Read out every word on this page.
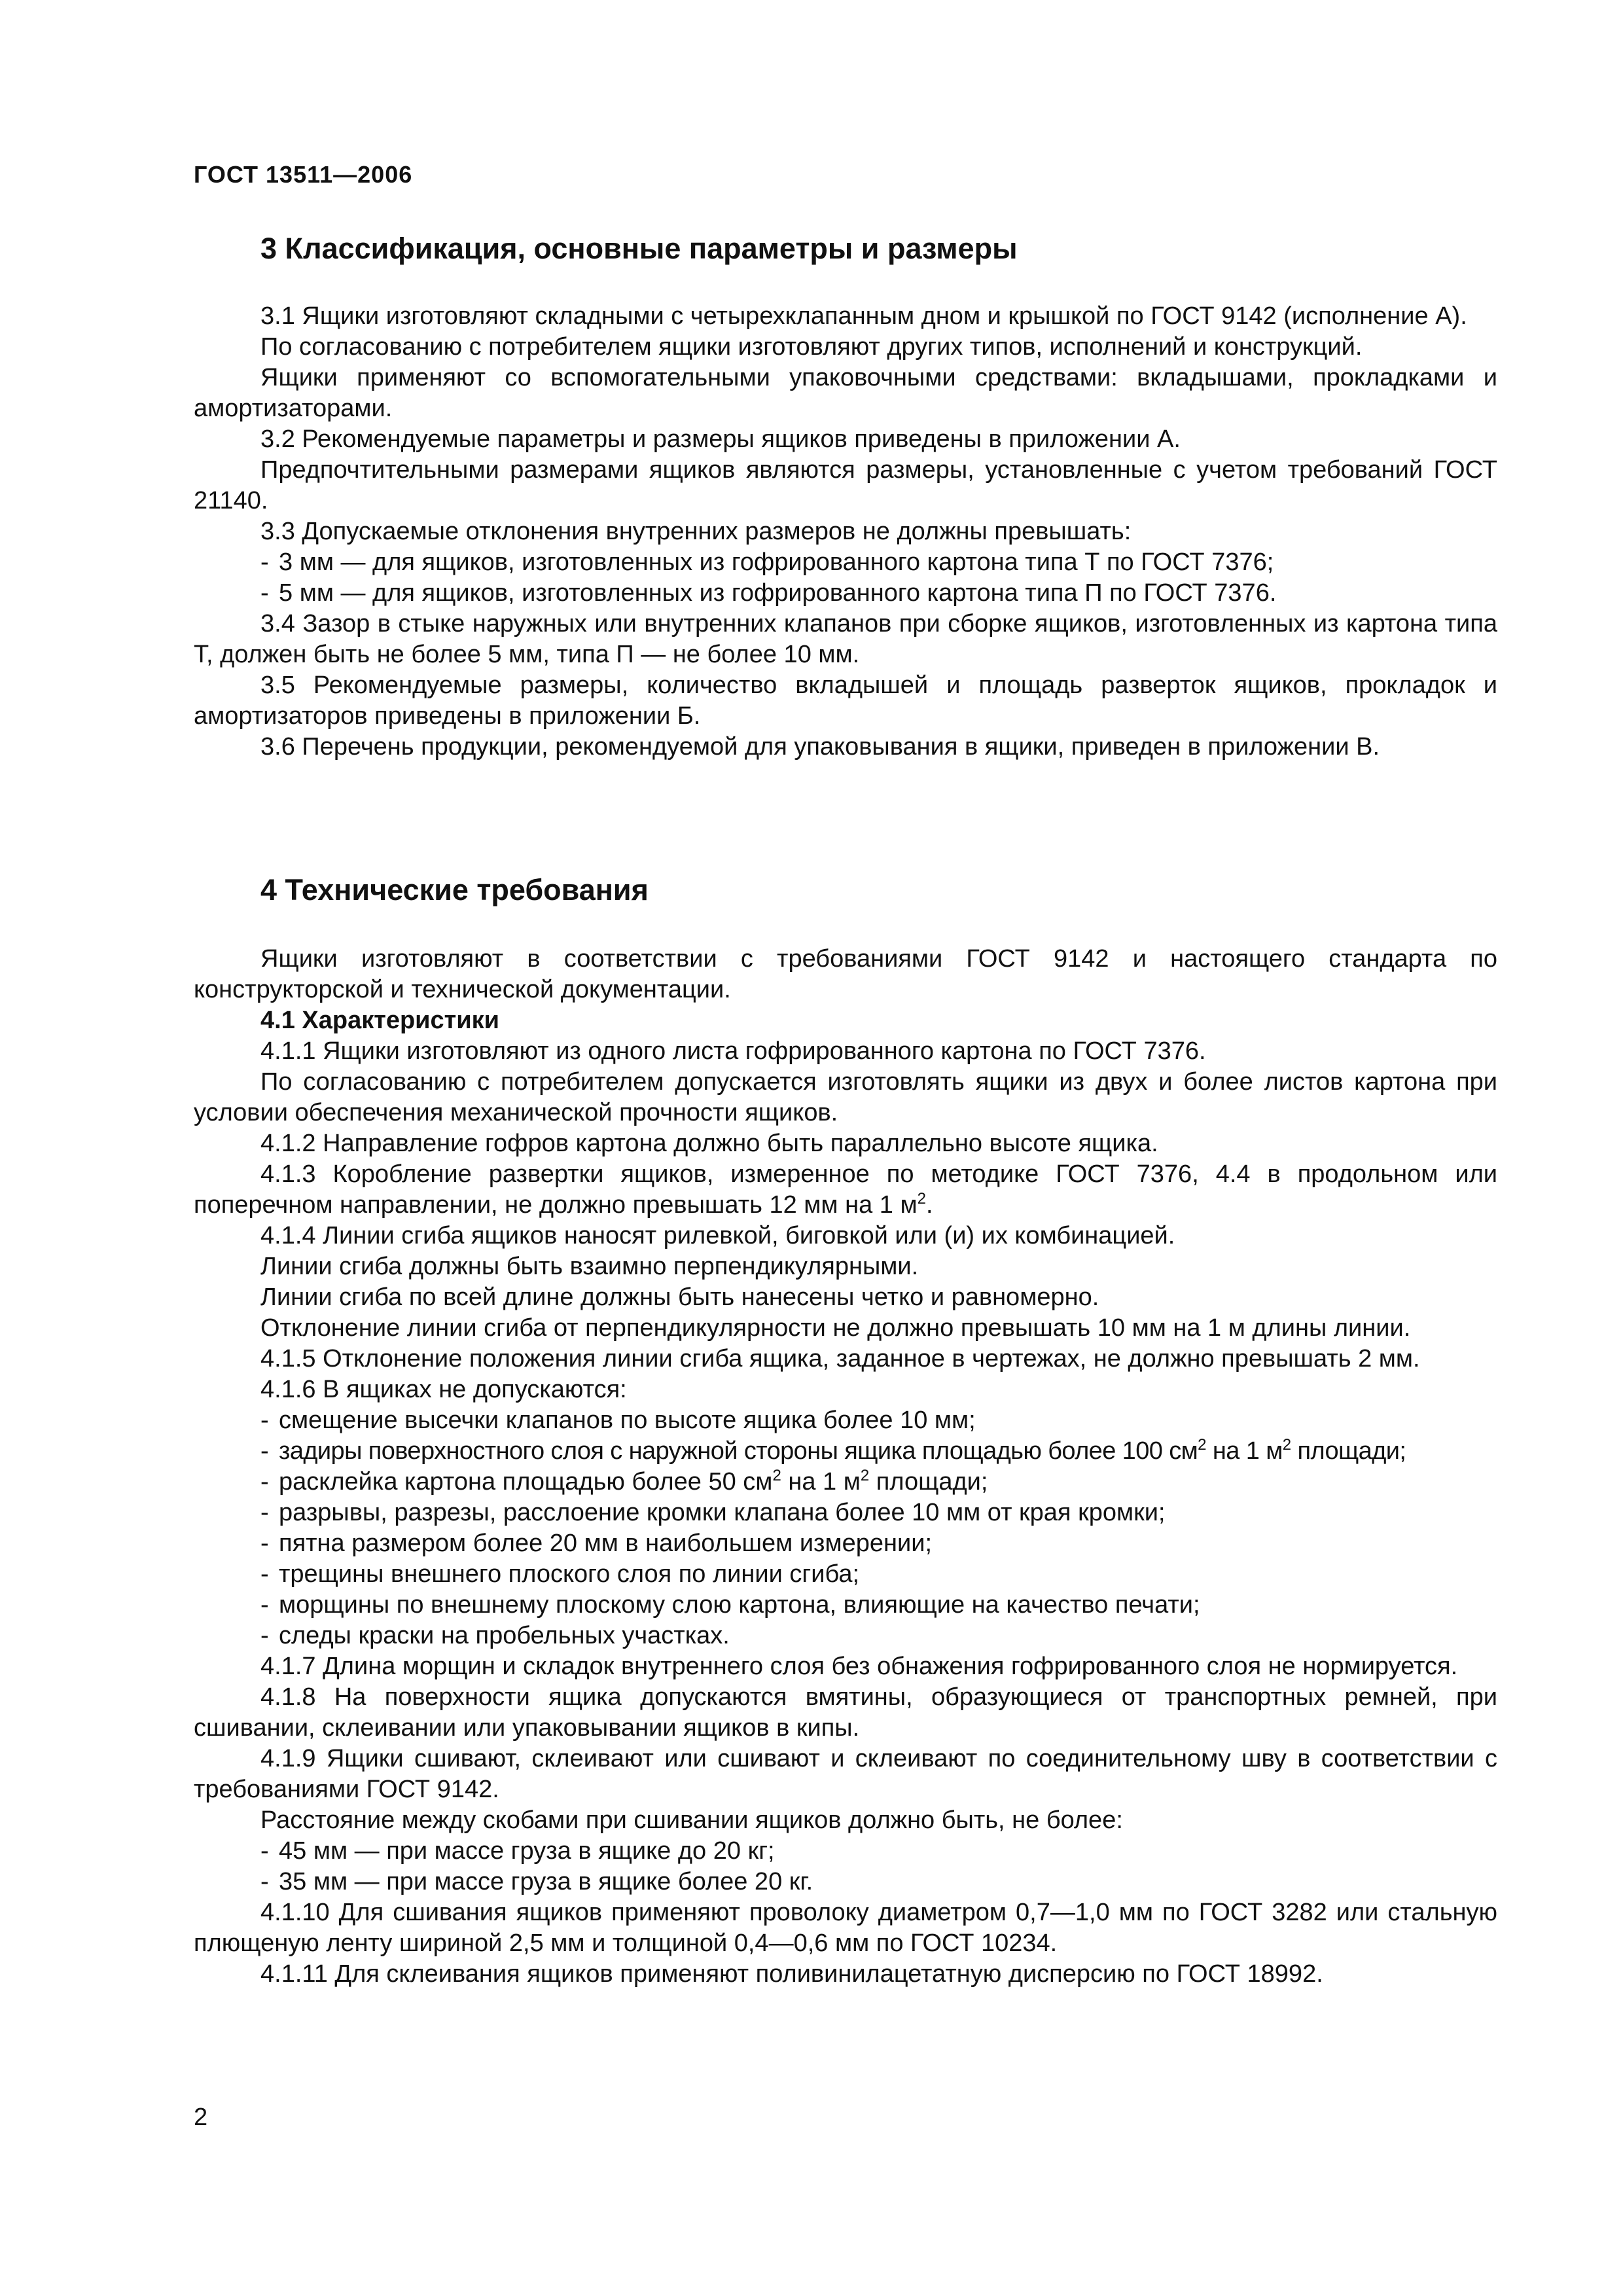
ГОСТ 13511—2006
3 Классификация, основные параметры и размеры

3.1 Ящики изготовляют складными с четырехклапанным дном и крышкой по ГОСТ 9142 (исполнение А).

По согласованию с потребителем ящики изготовляют других типов, исполнений и конструкций.

Ящики применяют со вспомогательными упаковочными средствами: вкладышами, прокладками и амортизаторами.

3.2 Рекомендуемые параметры и размеры ящиков приведены в приложении А.

Предпочтительными размерами ящиков являются размеры, установленные с учетом требований ГОСТ 21140.

3.3 Допускаемые отклонения внутренних размеров не должны превышать:

- 3 мм — для ящиков, изготовленных из гофрированного картона типа Т по ГОСТ 7376;

- 5 мм — для ящиков, изготовленных из гофрированного картона типа П по ГОСТ 7376.

3.4 Зазор в стыке наружных или внутренних клапанов при сборке ящиков, изготовленных из картона типа Т, должен быть не более 5 мм, типа П — не более 10 мм.

3.5 Рекомендуемые размеры, количество вкладышей и площадь разверток ящиков, прокладок и амортизаторов приведены в приложении Б.

3.6 Перечень продукции, рекомендуемой для упаковывания в ящики, приведен в приложении В.

4 Технические требования

Ящики изготовляют в соответствии с требованиями ГОСТ 9142 и настоящего стандарта по конструкторской и технической документации.

4.1 Характеристики

4.1.1 Ящики изготовляют из одного листа гофрированного картона по ГОСТ 7376.

По согласованию с потребителем допускается изготовлять ящики из двух и более листов картона при условии обеспечения механической прочности ящиков.

4.1.2 Направление гофров картона должно быть параллельно высоте ящика.

4.1.3 Коробление развертки ящиков, измеренное по методике ГОСТ 7376, 4.4 в продольном или поперечном направлении, не должно превышать 12 мм на 1 $м^2$.

4.1.4 Линии сгиба ящиков наносят рилевкой, биговкой или (и) их комбинацией.

Линии сгиба должны быть взаимно перпендикулярными.

Линии сгиба по всей длине должны быть нанесены четко и равномерно.

Отклонение линии сгиба от перпендикулярности не должно превышать 10 мм на 1 м длины линии.

4.1.5 Отклонение положения линии сгиба ящика, заданное в чертежах, не должно превышать 2 мм.

4.1.6 В ящиках не допускаются:

- смещение высечки клапанов по высоте ящика более 10 мм;

- задиры поверхностного слоя с наружной стороны ящика площадью более 100 $см^2$ на 1 $м^2$ площади;

- расклейка картона площадью более 50 $см^2$ на 1 $м^2$ площади;

- разрывы, разрезы, расслоение кромки клапана более 10 мм от края кромки;

- пятна размером более 20 мм в наибольшем измерении;

- трещины внешнего плоского слоя по линии сгиба;

- морщины по внешнему плоскому слою картона, влияющие на качество печати;

- следы краски на пробельных участках.

4.1.7 Длина морщин и складок внутреннего слоя без обнажения гофрированного слоя не нормируется.

4.1.8 На поверхности ящика допускаются вмятины, образующиеся от транспортных ремней, при сшивании, склеивании или упаковывании ящиков в кипы.

4.1.9 Ящики сшивают, склеивают или сшивают и склеивают по соединительному шву в соответствии с требованиями ГОСТ 9142.

Расстояние между скобами при сшивании ящиков должно быть, не более:

- 45 мм — при массе груза в ящике до 20 кг;

- 35 мм — при массе груза в ящике более 20 кг.

4.1.10 Для сшивания ящиков применяют проволоку диаметром 0,7—1,0 мм по ГОСТ 3282 или стальную плющеную ленту шириной 2,5 мм и толщиной 0,4—0,6 мм по ГОСТ 10234.

4.1.11 Для склеивания ящиков применяют поливинилацетатную дисперсию по ГОСТ 18992.

2
